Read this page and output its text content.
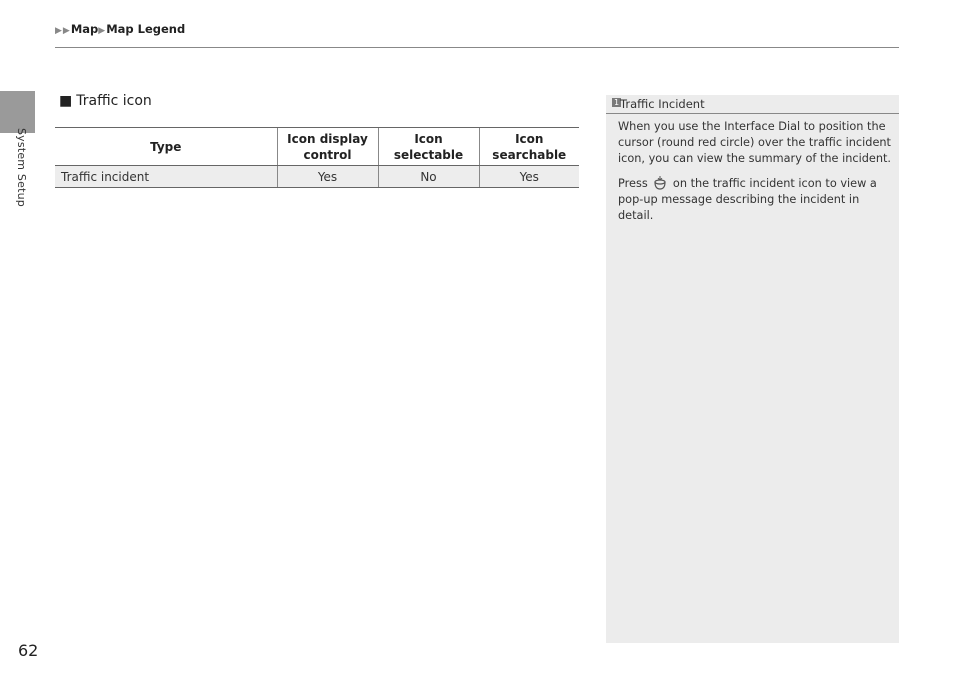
System Setup
▶▶Map▶Map Legend
■ Traffic icon
Type	Icon display control	Icon selectable	Icon searchable
Traffic incident	Yes	No	Yes
1 Traffic Incident
When you use the Interface Dial to position the cursor (round red circle) over the traffic incident icon, you can view the summary of the incident.
Press on the traffic incident icon to view a pop-up message describing the incident in detail.
62
